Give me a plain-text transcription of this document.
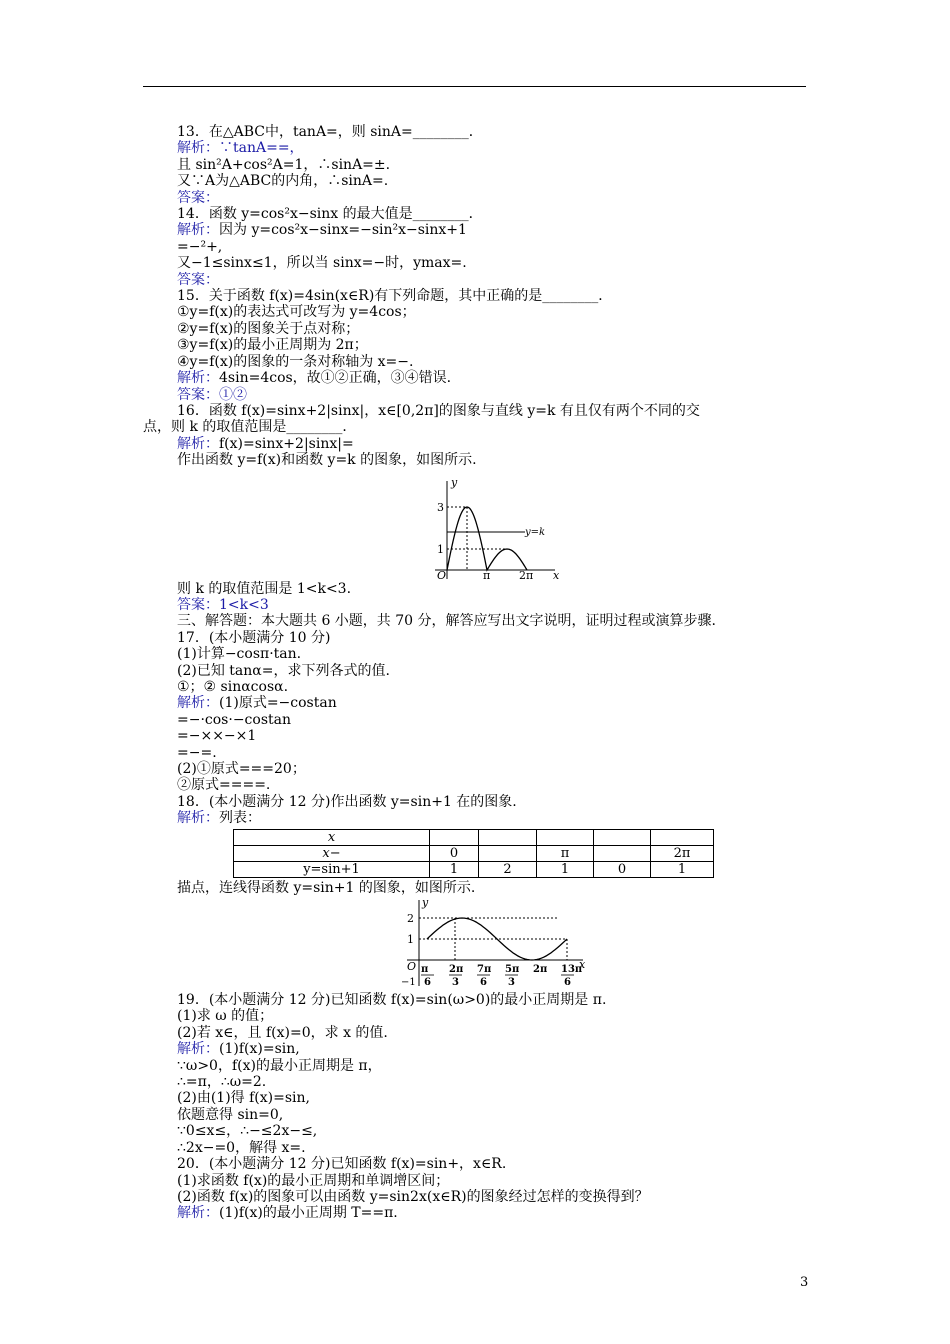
13．在△ABC中，tanA=，则 sinA=________．
解析：∵tanA==，
且 sin²A+cos²A=1，∴sinA=±.
又∵A为△ABC的内角，∴sinA=.
答案：
14．函数 y=cos²x−sinx 的最大值是________．
解析：因为 y=cos²x−sinx=−sin²x−sinx+1
=−²+,
又−1≤sinx≤1，所以当 sinx=−时，ymax=.
答案：
15．关于函数 f(x)=4sin(x∈R)有下列命题，其中正确的是________．
①y=f(x)的表达式可改写为 y=4cos；
②y=f(x)的图象关于点对称；
③y=f(x)的最小正周期为 2π；
④y=f(x)的图象的一条对称轴为 x=−.
解析：4sin=4cos，故①②正确，③④错误.
答案：①②
16．函数 f(x)=sinx+2|sinx|，x∈[0,2π]的图象与直线 y=k 有且仅有两个不同的交
点，则 k 的取值范围是________．
解析：f(x)=sinx+2|sinx|=
作出函数 y=f(x)和函数 y=k 的图象，如图所示.
y
x
O
y=k
3
1
π	2π
则 k 的取值范围是 1<k<3.
答案：1<k<3
三、解答题：本大题共 6 小题，共 70 分，解答应写出文字说明，证明过程或演算步骤.
17．(本小题满分 10 分)
(1)计算−cosπ·tan.
(2)已知 tanα=，求下列各式的值.
①；② sinαcosα.
解析：(1)原式=−costan
=−·cos·−costan
=−××−×1
=−=.
(2)①原式===20；
②原式====.
18．(本小题满分 12 分)作出函数 y=sin+1 在的图象.
解析：列表：
x					
x−	0		π		2π
y=sin+1	1	2	1	0	1
描点，连线得函数 y=sin+1 的图象，如图所示.
y
x
O
2
1
−1
π
6
2π
3
7π
6
5π
3
2π 13π
6
19．(本小题满分 12 分)已知函数 f(x)=sin(ω>0)的最小正周期是 π.
(1)求 ω 的值；
(2)若 x∈，且 f(x)=0，求 x 的值.
解析：(1)f(x)=sin,
∵ω>0，f(x)的最小正周期是 π，
∴=π，∴ω=2.
(2)由(1)得 f(x)=sin,
依题意得 sin=0,
∵0≤x≤，∴−≤2x−≤,
∴2x−=0，解得 x=.
20．(本小题满分 12 分)已知函数 f(x)=sin+，x∈R.
(1)求函数 f(x)的最小正周期和单调增区间；
(2)函数 f(x)的图象可以由函数 y=sin2x(x∈R)的图象经过怎样的变换得到？
解析：(1)f(x)的最小正周期 T==π.
3
